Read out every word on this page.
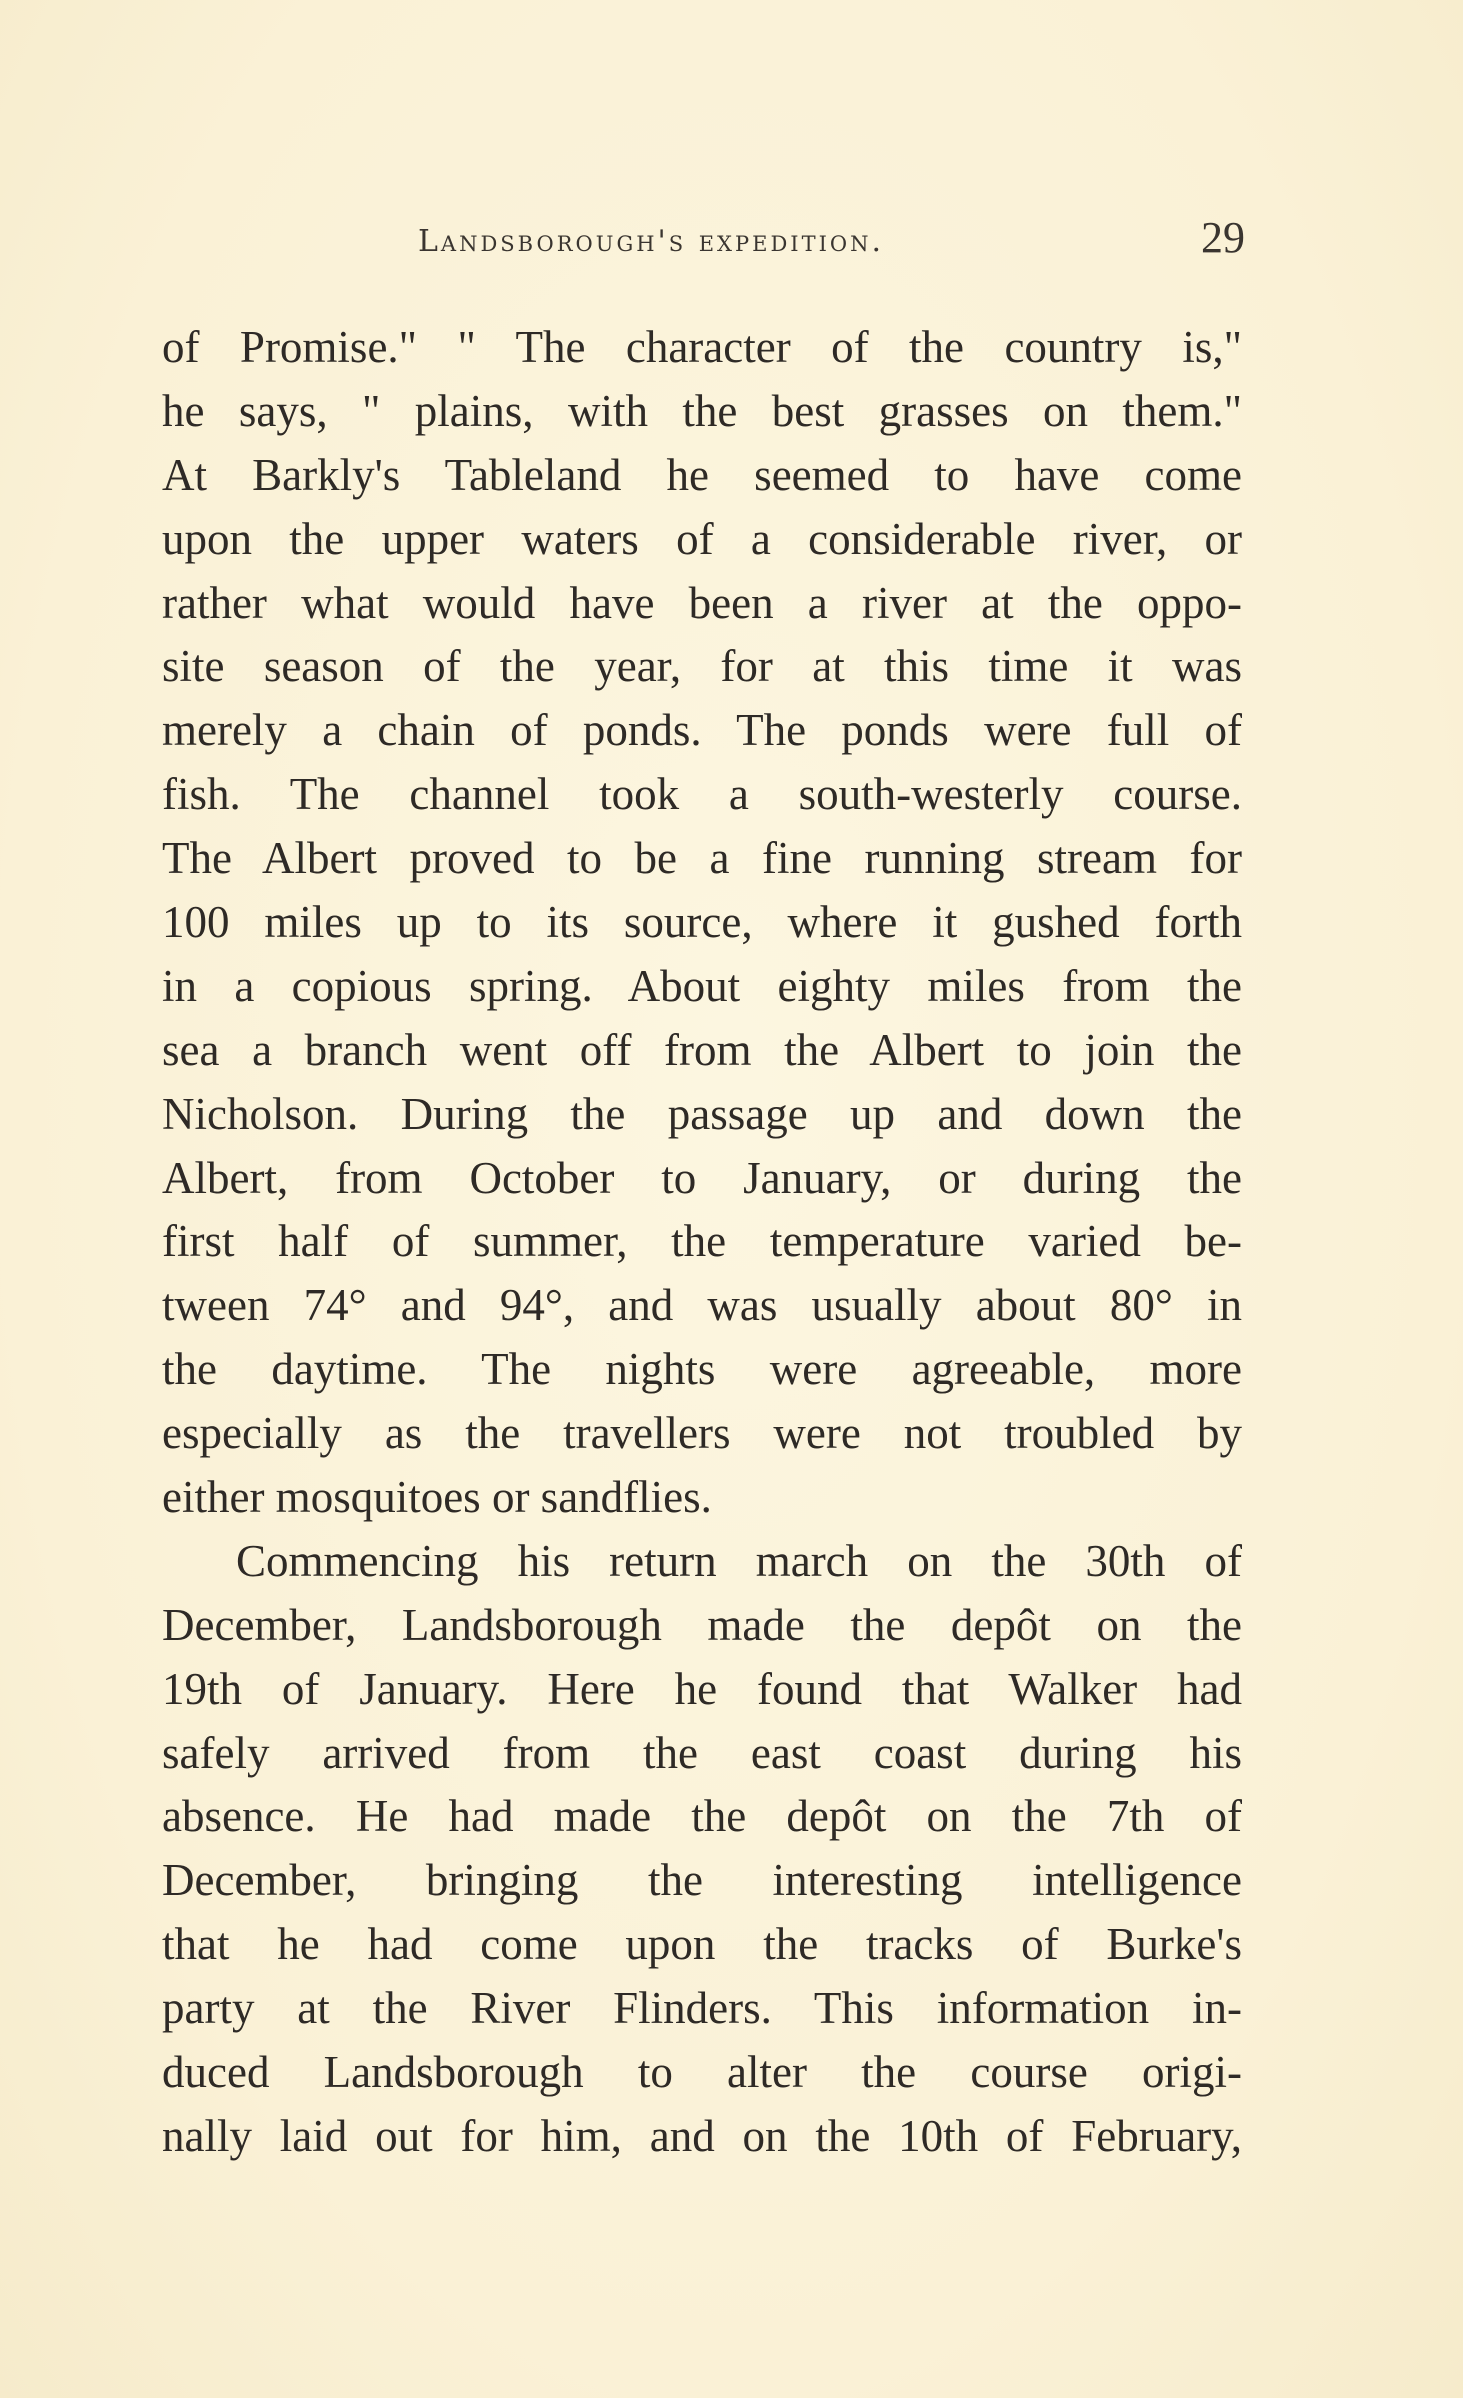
Landsborough's expedition.	29
of Promise." " The character of the country is,"
he says, " plains, with the best grasses on them."
At Barkly's Tableland he seemed to have come
upon the upper waters of a considerable river, or
rather what would have been a river at the oppo-
site season of the year, for at this time it was
merely a chain of ponds. The ponds were full of
fish. The channel took a south-westerly course.
The Albert proved to be a fine running stream for
100 miles up to its source, where it gushed forth
in a copious spring. About eighty miles from the
sea a branch went off from the Albert to join the
Nicholson. During the passage up and down the
Albert, from October to January, or during the
first half of summer, the temperature varied be-
tween 74° and 94°, and was usually about 80° in
the daytime. The nights were agreeable, more
especially as the travellers were not troubled by
either mosquitoes or sandflies.
Commencing his return march on the 30th of
December, Landsborough made the depôt on the
19th of January. Here he found that Walker had
safely arrived from the east coast during his
absence. He had made the depôt on the 7th of
December, bringing the interesting intelligence
that he had come upon the tracks of Burke's
party at the River Flinders. This information in-
duced Landsborough to alter the course origi-
nally laid out for him, and on the 10th of February,
